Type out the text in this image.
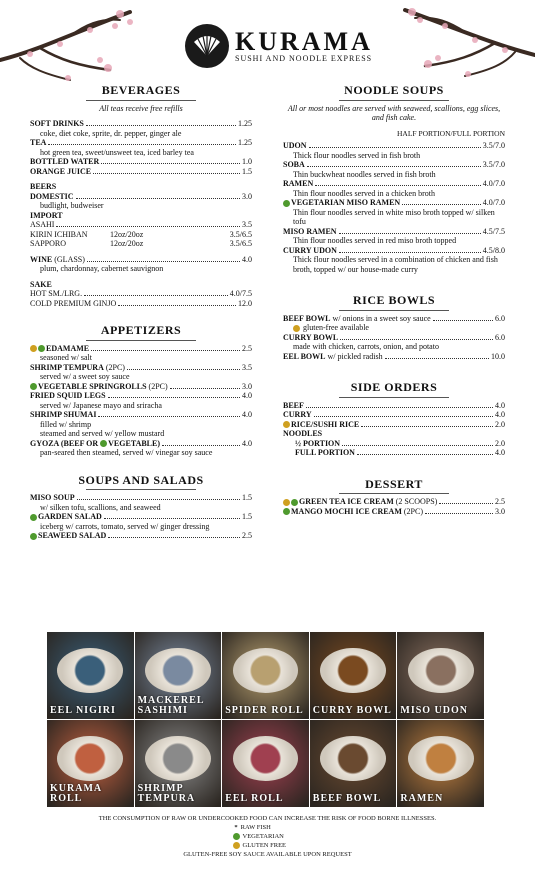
KURAMA
SUSHI AND NOODLE EXPRESS
BEVERAGES
All teas receive free refills
SOFT DRINKS	1.25
coke, diet coke, sprite, dr. pepper, ginger ale
TEA	1.25
hot green tea, sweet/unsweet tea, iced barley tea
BOTTLED WATER	1.0
ORANGE JUICE	1.5
BEERS
DOMESTIC	3.0
budlight, budweiser
IMPORT
ASAHI	3.5
KIRIN ICHIBAN	12oz/20oz	3.5/6.5
SAPPORO	12oz/20oz	3.5/6.5
WINE (GLASS)	4.0
plum, chardonnay, cabernet sauvignon
SAKE
HOT SM./LRG.	4.0/7.5
COLD PREMIUM GINJO	12.0
APPETIZERS
EDAMAME	2.5
seasoned w/ salt
SHRIMP TEMPURA (2PC)	3.5
served w/ a sweet soy sauce
VEGETABLE SPRINGROLLS (2PC)	3.0
FRIED SQUID LEGS	4.0
served w/ Japanese mayo and sriracha
SHRIMP SHUMAI	4.0
filled w/ shrimp
steamed and served w/ yellow mustard
GYOZA (BEEF OR VEGETABLE)	4.0
pan-seared then steamed, served w/ vinegar soy sauce
SOUPS AND SALADS
MISO SOUP	1.5
w/ silken tofu, scallions, and seaweed
GARDEN SALAD	1.5
iceberg w/ carrots, tomato, served w/ ginger dressing
SEAWEED SALAD	2.5
NOODLE SOUPS
All or most noodles are served with seaweed, scallions, egg slices, and fish cake.
HALF PORTION/FULL PORTION
UDON	3.5/7.0
Thick flour noodles served in fish broth
SOBA	3.5/7.0
Thin buckwheat noodles served in fish broth
RAMEN	4.0/7.0
Thin flour noodles served in a chicken broth
VEGETARIAN MISO RAMEN	4.0/7.0
Thin flour noodles served in white miso broth topped w/ silken tofu
MISO RAMEN	4.5/7.5
Thin flour noodles served in red miso broth topped
CURRY UDON	4.5/8.0
Thick flour noodles served in a combination of chicken and fish broth, topped w/ our house-made curry
RICE BOWLS
BEEF BOWL w/ onions in a sweet soy sauce	6.0
gluten-free available
CURRY BOWL	6.0
made with chicken, carrots, onion, and potato
EEL BOWL w/ pickled radish	10.0
SIDE ORDERS
BEEF	4.0
CURRY	4.0
RICE/SUSHI RICE	2.0
NOODLES
½ PORTION	2.0
FULL PORTION	4.0
DESSERT
GREEN TEA ICE CREAM (2 SCOOPS)	2.5
MANGO MOCHI ICE CREAM (2PC)	3.0
EEL NIGIRI
MACKEREL SASHIMI	SPIDER ROLL CURRY BOWL MISO UDON
KURAMA ROLL
SHRIMP TEMPURA	EEL ROLL	BEEF BOWL RAMEN
THE CONSUMPTION OF RAW OR UNDERCOOKED FOOD CAN INCREASE THE RISK OF FOOD BORNE ILLNESSES.
* RAW FISH
VEGETARIAN
GLUTEN FREE
GLUTEN-FREE SOY SAUCE AVAILABLE UPON REQUEST
